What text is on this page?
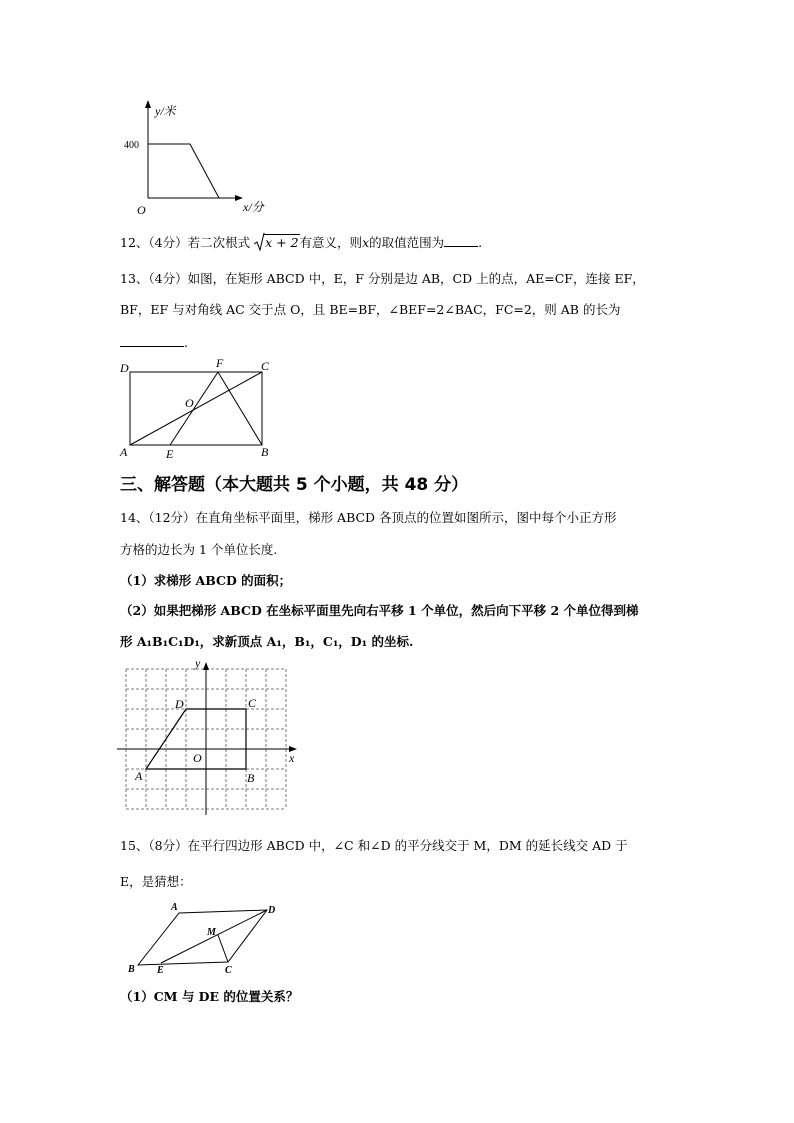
y/米
400
O	x/分
12、（4分）若二次根式 x + 2有意义，则x的取值范围为	.
13、（4分）如图，在矩形 ABCD 中，E，F 分别是边 AB，CD 上的点，AE=CF，连接 EF，
BF，EF 与对角线 AC 交于点 O，且 BE=BF，∠BEF=2∠BAC，FC=2，则 AB 的长为
.
D	F	C
O
A	E	B
三、解答题（本大题共 5 个小题，共 48 分）
14、（12分）在直角坐标平面里，梯形 ABCD 各顶点的位置如图所示，图中每个小正方形
方格的边长为 1 个单位长度.
（1）求梯形 ABCD 的面积；
（2）如果把梯形 ABCD 在坐标平面里先向右平移 1 个单位，然后向下平移 2 个单位得到梯
形 A₁B₁C₁D₁，求新顶点 A₁，B₁，C₁，D₁ 的坐标.
y
x
O
A	B
C
D
15、（8分）在平行四边形 ABCD 中，∠C 和∠D 的平分线交于 M，DM 的延长线交 AD 于
E，是猜想：
A	D
M
B E	C
（1）CM 与 DE 的位置关系？
